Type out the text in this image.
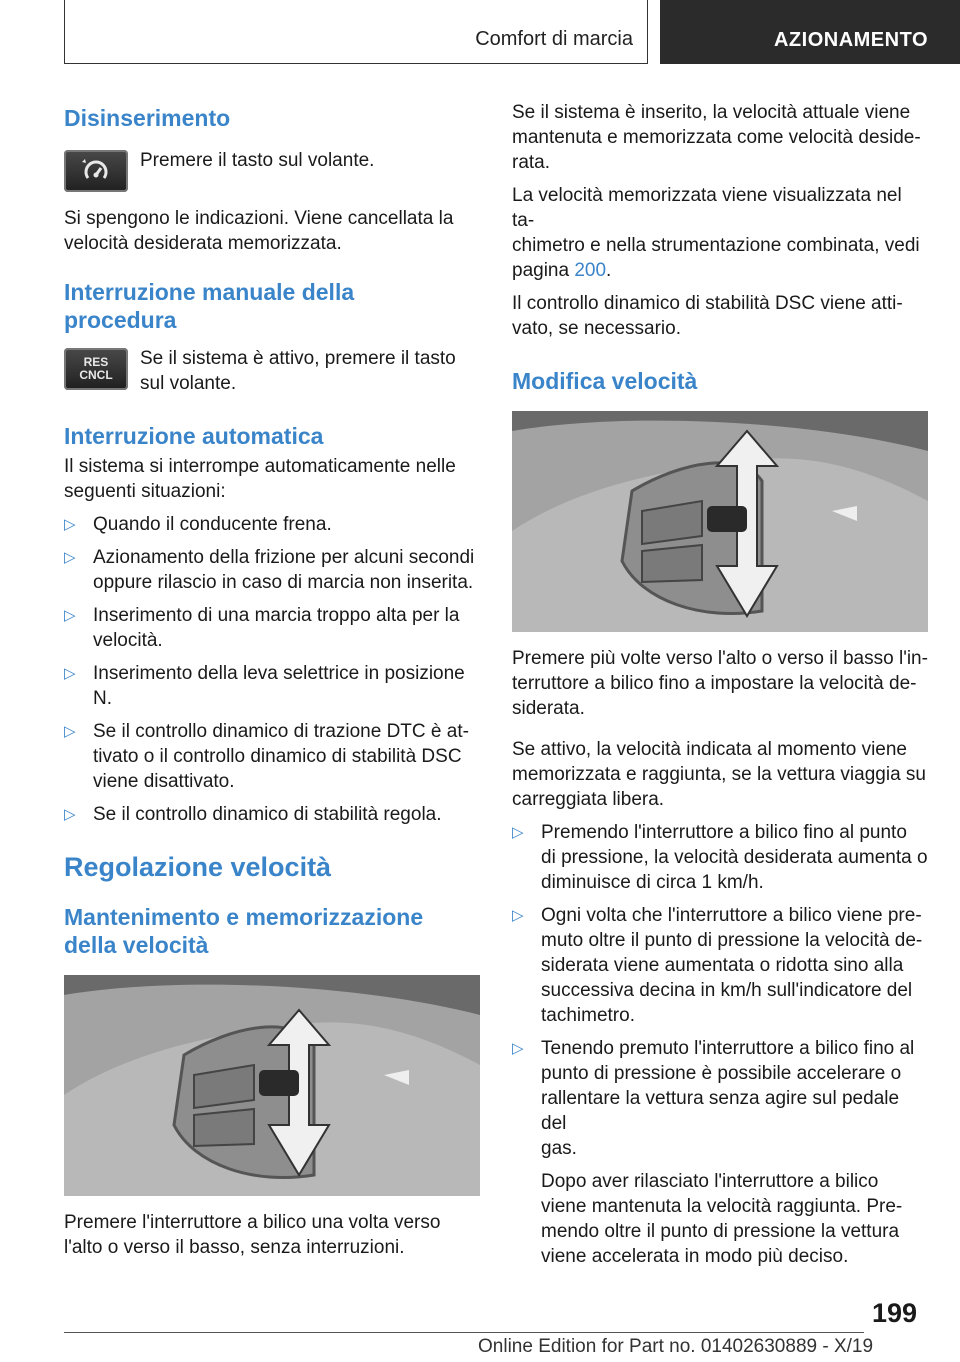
Comfort di marcia	AZIONAMENTO
Disinserimento

Premere il tasto sul volante.

Si spengono le indicazioni. Viene cancellata la

velocità desiderata memorizzata.

Interruzione manuale della
procedura
RES
CNCL

Se il sistema è attivo, premere il tasto

sul volante.

Interruzione automatica

Il sistema si interrompe automaticamente nelle

seguenti situazioni:

▷ Quando il conducente frena.
▷ Azionamento della frizione per alcuni secondi
oppure rilascio in caso di marcia non inserita.
▷ Inserimento di una marcia troppo alta per la
velocità.
▷ Inserimento della leva selettrice in posizione
N.
▷ Se il controllo dinamico di trazione DTC è at-
tivato o il controllo dinamico di stabilità DSC
viene disattivato.
▷ Se il controllo dinamico di stabilità regola.
Regolazione velocità
Mantenimento e memorizzazione
della velocità

Premere l'interruttore a bilico una volta verso

l'alto o verso il basso, senza interruzioni.

Se il sistema è inserito, la velocità attuale viene

mantenuta e memorizzata come velocità deside-

rata.

La velocità memorizzata viene visualizzata nel ta-

chimetro e nella strumentazione combinata, vedi

pagina 200.

Il controllo dinamico di stabilità DSC viene atti-

vato, se necessario.

Modifica velocità

Premere più volte verso l'alto o verso il basso l'in-

terruttore a bilico fino a impostare la velocità de-

siderata.

Se attivo, la velocità indicata al momento viene

memorizzata e raggiunta, se la vettura viaggia su

carreggiata libera.

▷ Premendo l'interruttore a bilico fino al punto
di pressione, la velocità desiderata aumenta o
diminuisce di circa 1 km/h.
▷ Ogni volta che l'interruttore a bilico viene pre-
muto oltre il punto di pressione la velocità de-
siderata viene aumentata o ridotta sino alla
successiva decina in km/h sull'indicatore del
tachimetro.
▷ Tenendo premuto l'interruttore a bilico fino al
punto di pressione è possibile accelerare o
rallentare la vettura senza agire sul pedale del
gas.

Dopo aver rilasciato l'interruttore a bilico

viene mantenuta la velocità raggiunta. Pre-

mendo oltre il punto di pressione la vettura

viene accelerata in modo più deciso.

199
Online Edition for Part no. 01402630889 - X/19
